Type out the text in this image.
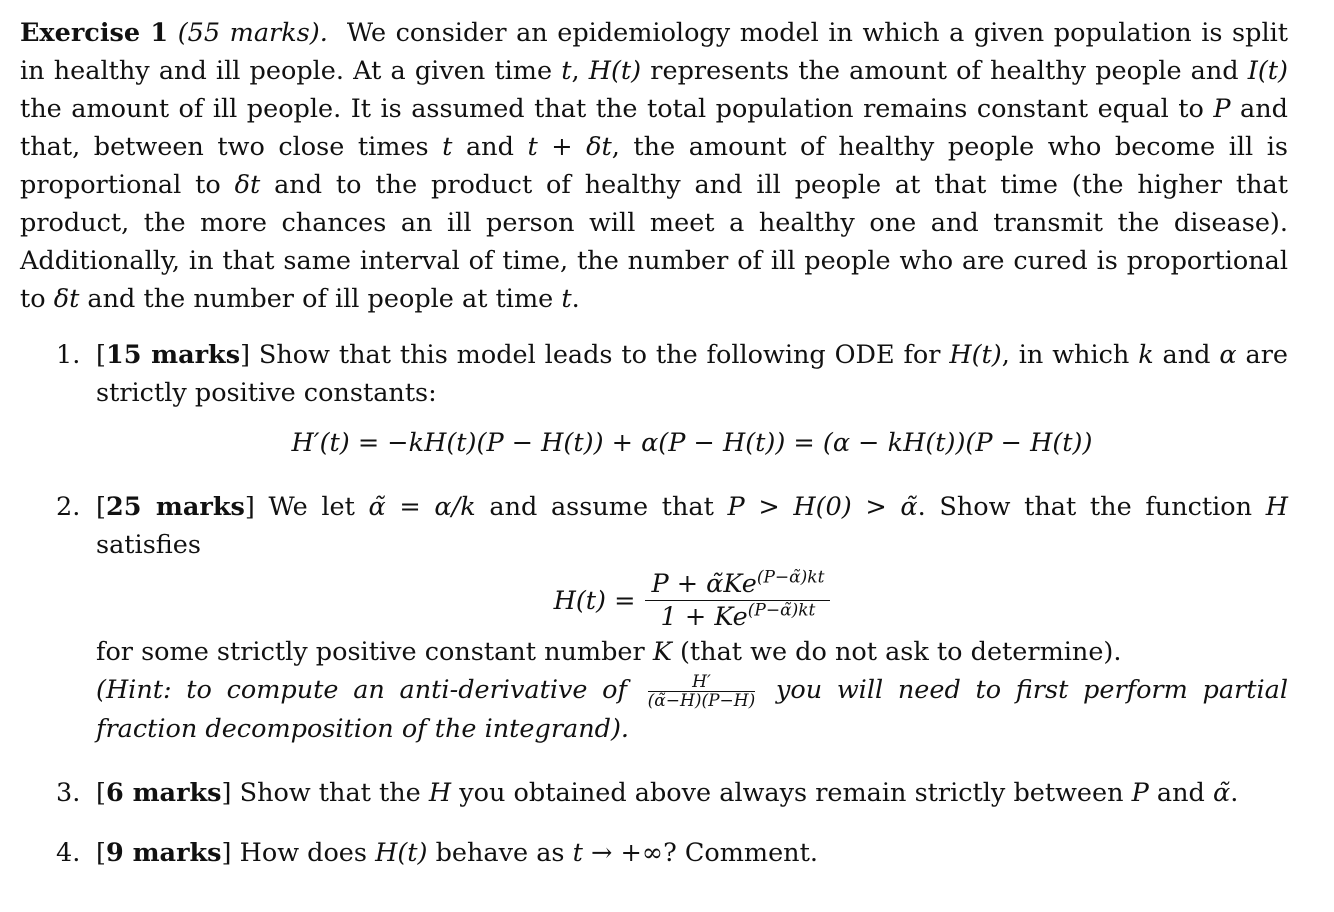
Exercise 1 (55 marks). We consider an epidemiology model in which a given population is split in healthy and ill people. At a given time t, H(t) represents the amount of healthy people and I(t) the amount of ill people. It is assumed that the total population remains constant equal to P and that, between two close times t and t + δt, the amount of healthy people who become ill is proportional to δt and to the product of healthy and ill people at that time (the higher that product, the more chances an ill person will meet a healthy one and transmit the disease). Additionally, in that same interval of time, the number of ill people who are cured is proportional to δt and the number of ill people at time t.

1. [15 marks] Show that this model leads to the following ODE for H(t), in which k and α are strictly positive constants:
H′(t) = −kH(t)(P − H(t)) + α(P − H(t)) = (α − kH(t))(P − H(t))
2. [25 marks] We let α̃ = α/k and assume that P > H(0) > α̃. Show that the function H satisfies
$H(t) = \frac{P + \alphãKe^{(P-\alphã)kt}}{1 + Ke^{(P-\alphã)kt}}$
for some strictly positive constant number K (that we do not ask to determine).
(Hint: to compute an anti-derivative of $\frac{H'}{(\alphã-H)(P-H)}$ you will need to first perform partial fraction decomposition of the integrand).
3. [6 marks] Show that the H you obtained above always remain strictly between P and α̃.
4. [9 marks] How does H(t) behave as t → +∞? Comment.
